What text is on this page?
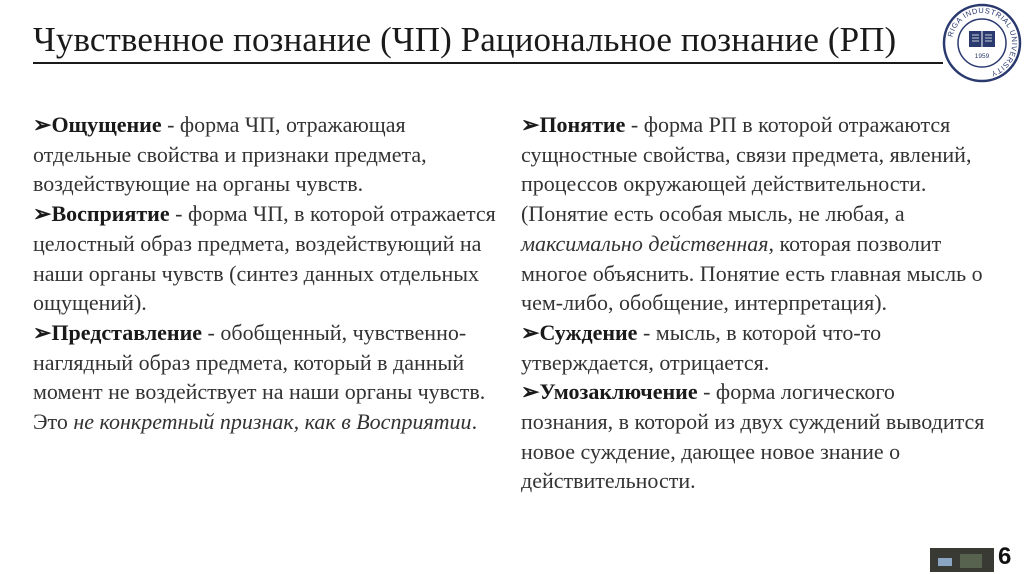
Чувственное познание (ЧП) Рациональное познание (РП)	RIGA INDUSTRIAL UNIVERSITY
1959

➢Ощущение - форма ЧП, отражающая отдельные свойства и признаки предмета, воздействующие на органы чувств.

➢Восприятие - форма ЧП, в которой отражается целостный образ предмета, воздействующий на наши органы чувств (синтез данных отдельных ощущений).

➢Представление - обобщенный, чувственно-наглядный образ предмета, который в данный момент не воздействует на наши органы чувств. Это не конкретный признак, как в Восприятии.

➢Понятие - форма РП в которой отражаются сущностные свойства, связи предмета, явлений, процессов окружающей действительности. (Понятие есть особая мысль, не любая, а максимально действенная, которая позволит многое объяснить. Понятие есть главная мысль о чем-либо, обобщение, интерпретация).

➢Суждение - мысль, в которой что-то утверждается, отрицается.

➢Умозаключение - форма логического познания, в которой из двух суждений выводится новое суждение, дающее новое знание о действительности.

6
